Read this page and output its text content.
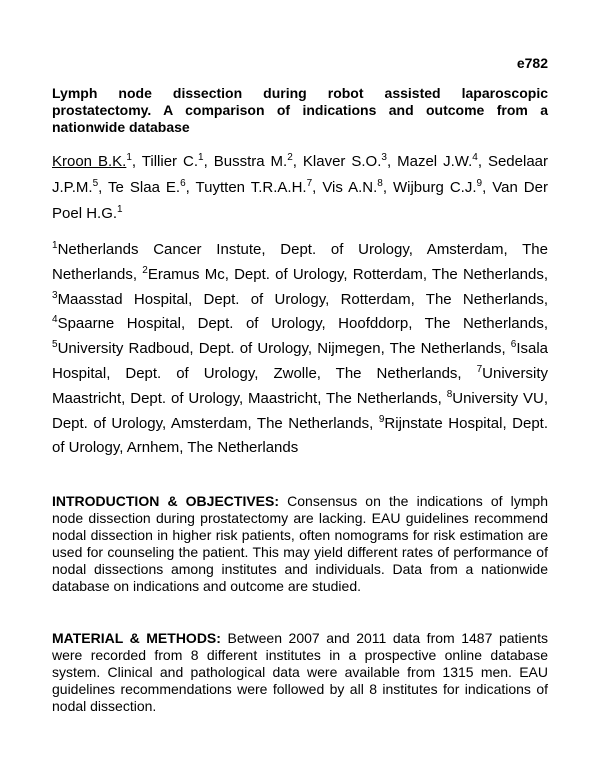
e782
Lymph node dissection during robot assisted laparoscopic prostatectomy. A comparison of indications and outcome from a nationwide database

Kroon B.K.$^1$, Tillier C.$^1$, Busstra M.$^2$, Klaver S.O.$^3$, Mazel J.W.$^4$, Sedelaar J.P.M.$^5$, Te Slaa E.$^6$, Tuytten T.R.A.H.$^7$, Vis A.N.$^8$, Wijburg C.J.$^9$, Van Der Poel H.G.$^1$

$^1$Netherlands Cancer Instute, Dept. of Urology, Amsterdam, The Netherlands, $^2$Eramus Mc, Dept. of Urology, Rotterdam, The Netherlands, $^3$Maasstad Hospital, Dept. of Urology, Rotterdam, The Netherlands, $^4$Spaarne Hospital, Dept. of Urology, Hoofddorp, The Netherlands, $^5$University Radboud, Dept. of Urology, Nijmegen, The Netherlands, $^6$Isala Hospital, Dept. of Urology, Zwolle, The Netherlands, $^7$University Maastricht, Dept. of Urology, Maastricht, The Netherlands, $^8$University VU, Dept. of Urology, Amsterdam, The Netherlands, $^9$Rijnstate Hospital, Dept. of Urology, Arnhem, The Netherlands

INTRODUCTION & OBJECTIVES: Consensus on the indications of lymph node dissection during prostatectomy are lacking. EAU guidelines recommend nodal dissection in higher risk patients, often nomograms for risk estimation are used for counseling the patient. This may yield different rates of performance of nodal dissections among institutes and individuals. Data from a nationwide database on indications and outcome are studied.

MATERIAL & METHODS: Between 2007 and 2011 data from 1487 patients were recorded from 8 different institutes in a prospective online database system. Clinical and pathological data were available from 1315 men. EAU guidelines recommendations were followed by all 8 institutes for indications of nodal dissection.
